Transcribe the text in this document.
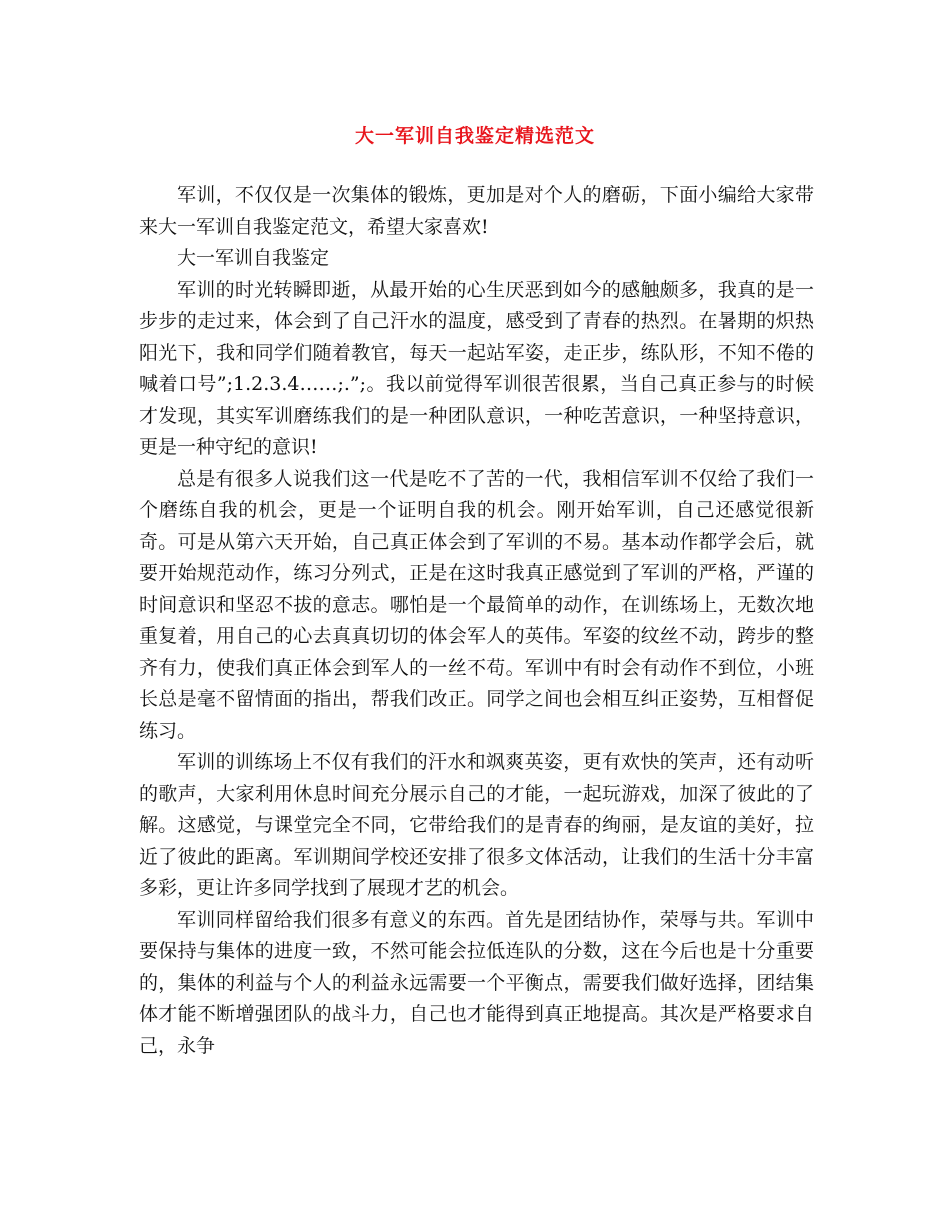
大一军训自我鉴定精选范文

军训，不仅仅是一次集体的锻炼，更加是对个人的磨砺，下面小编给大家带来大一军训自我鉴定范文，希望大家喜欢!

大一军训自我鉴定

军训的时光转瞬即逝，从最开始的心生厌恶到如今的感触颇多，我真的是一步步的走过来，体会到了自己汗水的温度，感受到了青春的热烈。在暑期的炽热阳光下，我和同学们随着教官，每天一起站军姿，走正步，练队形，不知不倦的喊着口号”;1.2.3.4……;.”;。我以前觉得军训很苦很累，当自己真正参与的时候才发现，其实军训磨练我们的是一种团队意识，一种吃苦意识，一种坚持意识，更是一种守纪的意识!

总是有很多人说我们这一代是吃不了苦的一代，我相信军训不仅给了我们一个磨练自我的机会，更是一个证明自我的机会。刚开始军训，自己还感觉很新奇。可是从第六天开始，自己真正体会到了军训的不易。基本动作都学会后，就要开始规范动作，练习分列式，正是在这时我真正感觉到了军训的严格，严谨的时间意识和坚忍不拔的意志。哪怕是一个最简单的动作，在训练场上，无数次地重复着，用自己的心去真真切切的体会军人的英伟。军姿的纹丝不动，跨步的整齐有力，使我们真正体会到军人的一丝不苟。军训中有时会有动作不到位，小班长总是毫不留情面的指出，帮我们改正。同学之间也会相互纠正姿势，互相督促练习。

军训的训练场上不仅有我们的汗水和飒爽英姿，更有欢快的笑声，还有动听的歌声，大家利用休息时间充分展示自己的才能，一起玩游戏，加深了彼此的了解。这感觉，与课堂完全不同，它带给我们的是青春的绚丽，是友谊的美好，拉近了彼此的距离。军训期间学校还安排了很多文体活动，让我们的生活十分丰富多彩，更让许多同学找到了展现才艺的机会。

军训同样留给我们很多有意义的东西。首先是团结协作，荣辱与共。军训中要保持与集体的进度一致，不然可能会拉低连队的分数，这在今后也是十分重要的，集体的利益与个人的利益永远需要一个平衡点，需要我们做好选择，团结集体才能不断增强团队的战斗力，自己也才能得到真正地提高。其次是严格要求自己，永争
